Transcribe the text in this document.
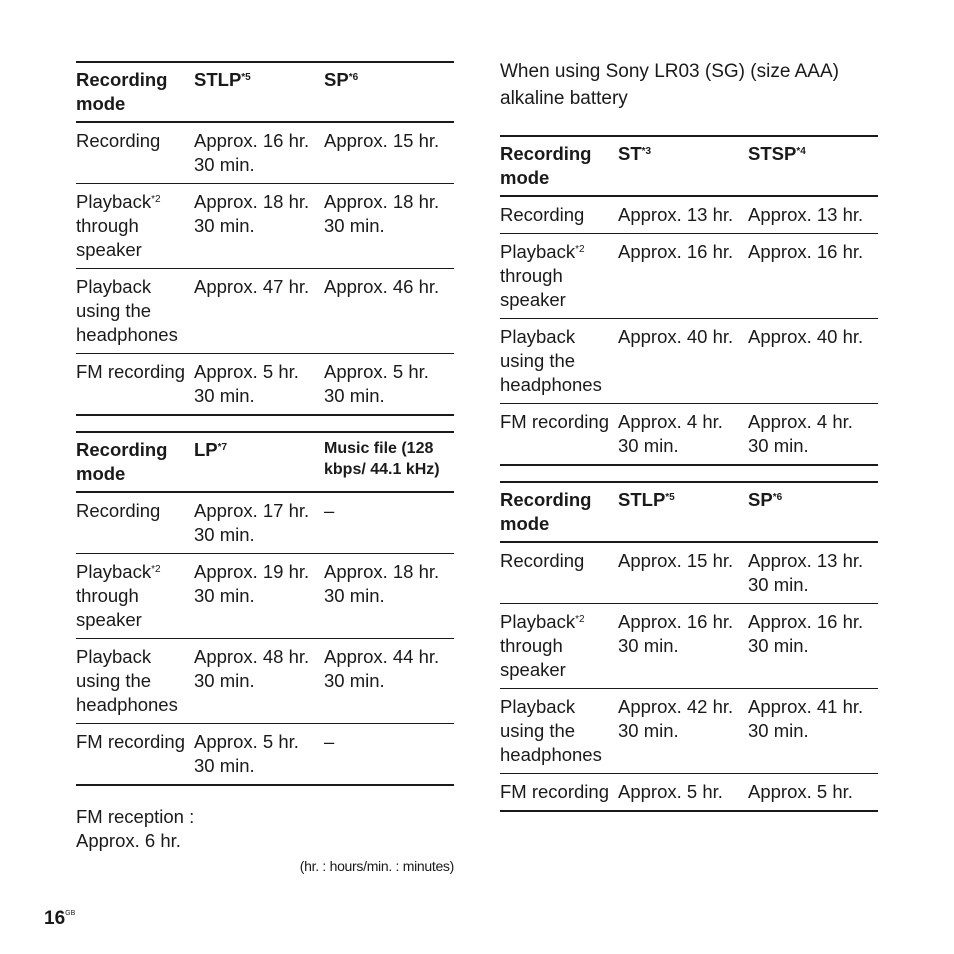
Recording mode	STLP$^{*5}$	SP$^{*6}$
Recording	Approx. 16 hr. 30 min.	Approx. 15 hr.
Playback$^{*2}$ through speaker	Approx. 18 hr. 30 min.	Approx. 18 hr. 30 min.
Playback using the headphones	Approx. 47 hr.	Approx. 46 hr.
FM recording	Approx. 5 hr. 30 min.	Approx. 5 hr. 30 min.
Recording mode	LP$^{*7}$	Music file (128 kbps/ 44.1 kHz)
Recording	Approx. 17 hr. 30 min.	–
Playback$^{*2}$ through speaker	Approx. 19 hr. 30 min.	Approx. 18 hr. 30 min.
Playback using the headphones	Approx. 48 hr. 30 min.	Approx. 44 hr. 30 min.
FM recording	Approx. 5 hr. 30 min.	–
FM reception : Approx. 6 hr.
(hr. : hours/min. : minutes)
When using Sony LR03 (SG) (size AAA) alkaline battery
Recording mode	ST$^{*3}$	STSP$^{*4}$
Recording	Approx. 13 hr.	Approx. 13 hr.
Playback$^{*2}$ through speaker	Approx. 16 hr.	Approx. 16 hr.
Playback using the headphones	Approx. 40 hr.	Approx. 40 hr.
FM recording	Approx. 4 hr. 30 min.	Approx. 4 hr. 30 min.
Recording mode	STLP$^{*5}$	SP$^{*6}$
Recording	Approx. 15 hr.	Approx. 13 hr. 30 min.
Playback$^{*2}$ through speaker	Approx. 16 hr. 30 min.	Approx. 16 hr. 30 min.
Playback using the headphones	Approx. 42 hr. 30 min.	Approx. 41 hr. 30 min.
FM recording	Approx. 5 hr.	Approx. 5 hr.
$16^{GB}$
